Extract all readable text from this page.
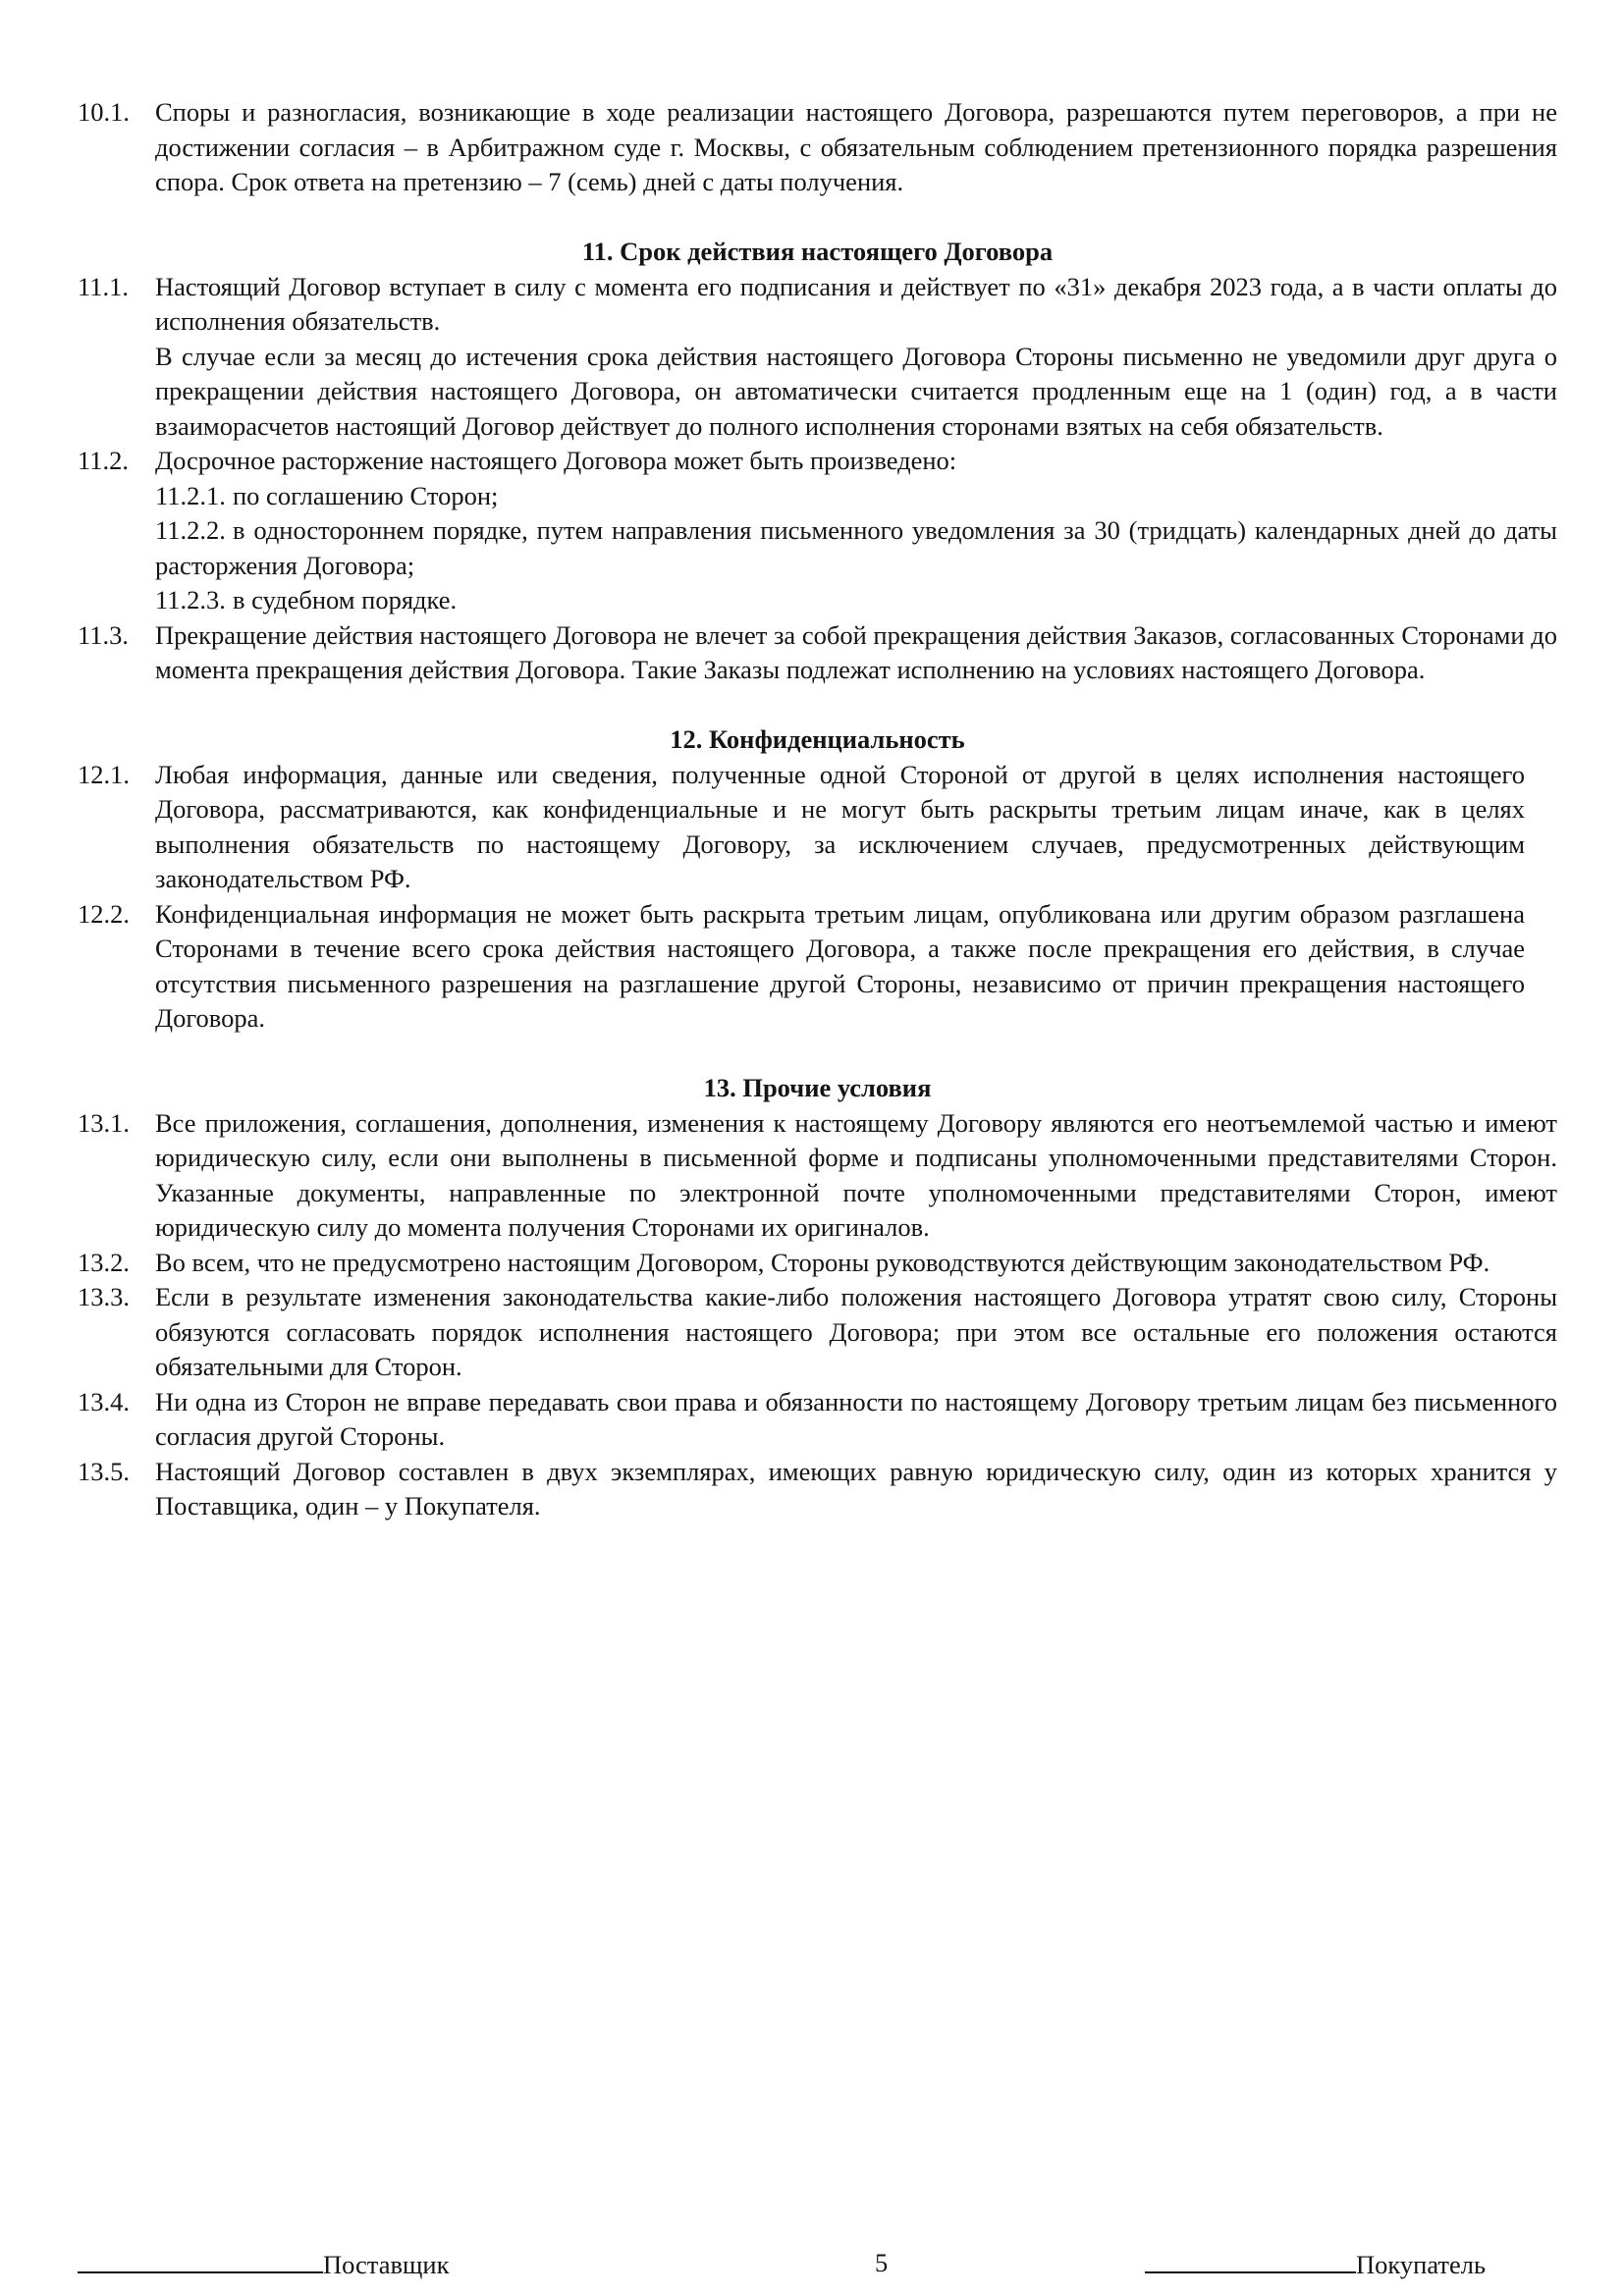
10.1. Споры и разногласия, возникающие в ходе реализации настоящего Договора, разрешаются путем переговоров, а при не достижении согласия – в Арбитражном суде г. Москвы, с обязательным соблюдением претензионного порядка разрешения спора. Срок ответа на претензию – 7 (семь) дней с даты получения.
11. Срок действия настоящего Договора
11.1.	Настоящий Договор вступает в силу с момента его подписания и действует по «31» декабря 2023 года, а в части оплаты до исполнения обязательств.

В случае если за месяц до истечения срока действия настоящего Договора Стороны письменно не уведомили друг друга о прекращении действия настоящего Договора, он автоматически считается продленным еще на 1 (один) год, а в части взаиморасчетов настоящий Договор действует до полного исполнения сторонами взятых на себя обязательств.

11.2.	Досрочное расторжение настоящего Договора может быть произведено:
11.2.1. по соглашению Сторон;
11.2.2. в одностороннем порядке, путем направления письменного уведомления за 30 (тридцать) календарных дней до даты расторжения Договора;
11.2.3. в судебном порядке.
11.3.	Прекращение действия настоящего Договора не влечет за собой прекращения действия Заказов, согласованных Сторонами до момента прекращения действия Договора. Такие Заказы подлежат исполнению на условиях настоящего Договора.
12. Конфиденциальность
12.1. Любая информация, данные или сведения, полученные одной Стороной от другой в целях исполнения настоящего Договора, рассматриваются, как конфиденциальные и не могут быть раскрыты третьим лицам иначе, как в целях выполнения обязательств по настоящему Договору, за исключением случаев, предусмотренных действующим законодательством РФ.
12.2. Конфиденциальная информация не может быть раскрыта третьим лицам, опубликована или другим образом разглашена Сторонами в течение всего срока действия настоящего Договора, а также после прекращения его действия, в случае отсутствия письменного разрешения на разглашение другой Стороны, независимо от причин прекращения настоящего Договора.
13. Прочие условия
13.1. Все приложения, соглашения, дополнения, изменения к настоящему Договору являются его неотъемлемой частью и имеют юридическую силу, если они выполнены в письменной форме и подписаны уполномоченными представителями Сторон. Указанные документы, направленные по электронной почте уполномоченными представителями Сторон, имеют юридическую силу до момента получения Сторонами их оригиналов.
13.2. Во всем, что не предусмотрено настоящим Договором, Стороны руководствуются действующим законодательством РФ.
13.3. Если в результате изменения законодательства какие-либо положения настоящего Договора утратят свою силу, Стороны обязуются согласовать порядок исполнения настоящего Договора; при этом все остальные его положения остаются обязательными для Сторон.
13.4. Ни одна из Сторон не вправе передавать свои права и обязанности по настоящему Договору третьим лицам без письменного согласия другой Стороны.
13.5. Настоящий Договор составлен в двух экземплярах, имеющих равную юридическую силу, один из которых хранится у Поставщика, один – у Покупателя.
Поставщик	5	Покупатель
